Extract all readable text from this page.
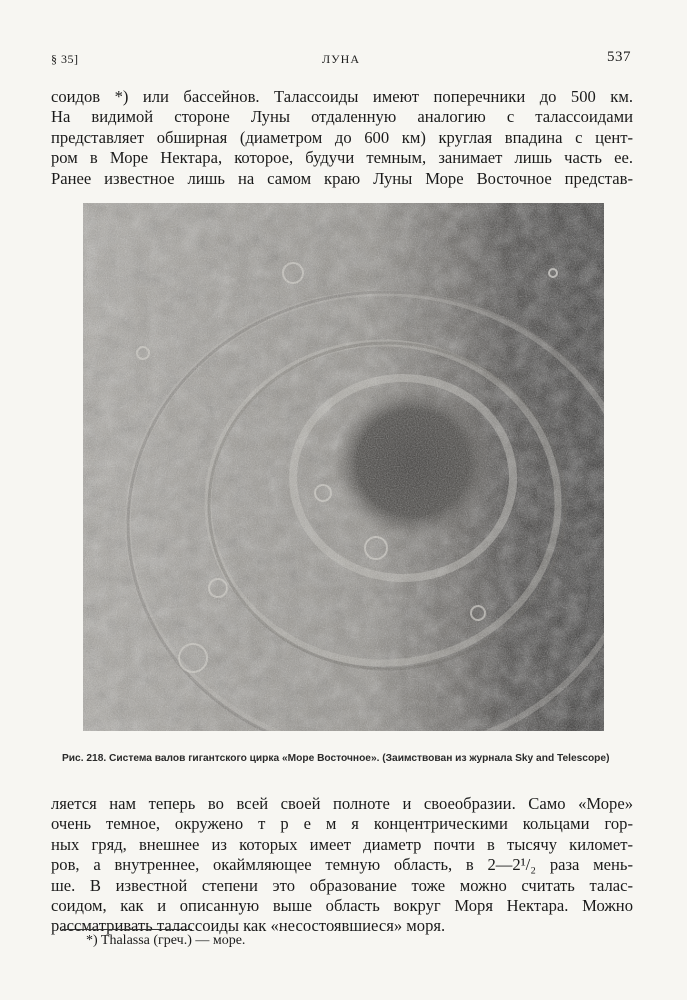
§ 35]	ЛУНА	537
соидов *) или бассейнов. Талассоиды имеют поперечники до 500 км.
На видимой стороне Луны отдаленную аналогию с талассоидами
представляет обширная (диаметром до 600 км) круглая впадина с цент-
ром в Море Нектара, которое, будучи темным, занимает лишь часть ее.
Ранее известное лишь на самом краю Луны Море Восточное представ-
Рис. 218. Система валов гигантского цирка «Море Восточное». (Заимствован из журнала Sky and Telescope)
ляется нам теперь во всей своей полноте и своеобразии. Само «Море»
очень темное, окружено т р е м я концентрическими кольцами гор-
ных гряд, внешнее из которых имеет диаметр почти в тысячу километ-
ров, а внутреннее, окаймляющее темную область, в 2—2¹/₂ раза мень-
ше. В известной степени это образование тоже можно считать талас-
соидом, как и описанную выше область вокруг Моря Нектара. Можно
рассматривать талассоиды как «несостоявшиеся» моря.
*) Thalassa (греч.) — море.
